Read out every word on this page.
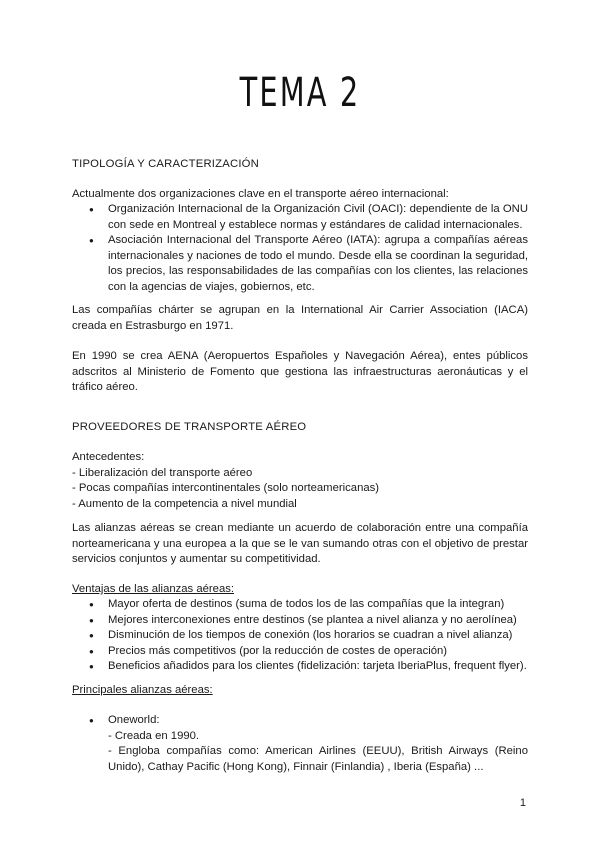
TEMA 2
TIPOLOGÍA Y CARACTERIZACIÓN
Actualmente dos organizaciones clave en el transporte aéreo internacional:
● Organización Internacional de la Organización Civil (OACI): dependiente de la ONU con sede en Montreal y establece normas y estándares de calidad internacionales.
● Asociación Internacional del Transporte Aéreo (IATA): agrupa a compañías aéreas internacionales y naciones de todo el mundo. Desde ella se coordinan la seguridad, los precios, las responsabilidades de las compañías con los clientes, las relaciones con la agencias de viajes, gobiernos, etc.
Las compañías chárter se agrupan en la International Air Carrier Association (IACA) creada en Estrasburgo en 1971.
En 1990 se crea AENA (Aeropuertos Españoles y Navegación Aérea), entes públicos adscritos al Ministerio de Fomento que gestiona las infraestructuras aeronáuticas y el tráfico aéreo.
PROVEEDORES DE TRANSPORTE AÉREO

Antecedentes:

- Liberalización del transporte aéreo

- Pocas compañías intercontinentales (solo norteamericanas)

- Aumento de la competencia a nivel mundial

Las alianzas aéreas se crean mediante un acuerdo de colaboración entre una compañía norteamericana y una europea a la que se le van sumando otras con el objetivo de prestar servicios conjuntos y aumentar su competitividad.
Ventajas de las alianzas aéreas:
● Mayor oferta de destinos (suma de todos los de las compañías que la integran)
● Mejores interconexiones entre destinos (se plantea a nivel alianza y no aerolínea)
● Disminución de los tiempos de conexión (los horarios se cuadran a nivel alianza)
● Precios más competitivos (por la reducción de costes de operación)
● Beneficios añadidos para los clientes (fidelización: tarjeta IberiaPlus, frequent flyer).
Principales alianzas aéreas:
● Oneworld:
- Creada en 1990.
- Engloba compañías como: American Airlines (EEUU), British Airways (Reino Unido), Cathay Pacific (Hong Kong), Finnair (Finlandia) , Iberia (España) ...
1
